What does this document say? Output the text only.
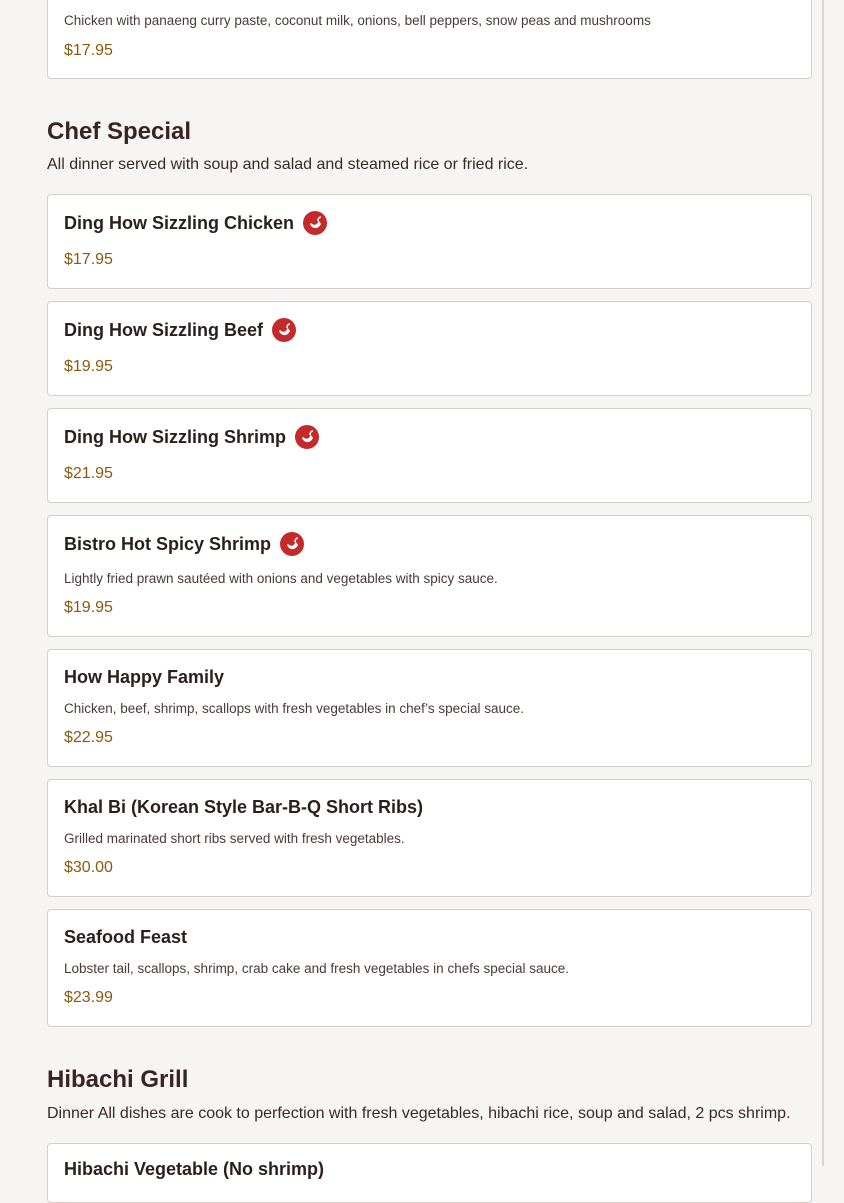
Chicken with panaeng curry paste, coconut milk, onions, bell peppers, snow peas and mushrooms
$17.95
Chef Special
All dinner served with soup and salad and steamed rice or fried rice.
Ding How Sizzling Chicken
$17.95
Ding How Sizzling Beef
$19.95
Ding How Sizzling Shrimp
$21.95
Bistro Hot Spicy Shrimp
Lightly fried prawn sautéed with onions and vegetables with spicy sauce.
$19.95
How Happy Family
Chicken, beef, shrimp, scallops with fresh vegetables in chef’s special sauce.
$22.95
Khal Bi (Korean Style Bar-B-Q Short Ribs)
Grilled marinated short ribs served with fresh vegetables.
$30.00
Seafood Feast
Lobster tail, scallops, shrimp, crab cake and fresh vegetables in chefs special sauce.
$23.99
Hibachi Grill
Dinner All dishes are cook to perfection with fresh vegetables, hibachi rice, soup and salad, 2 pcs shrimp.
Hibachi Vegetable (No shrimp)
